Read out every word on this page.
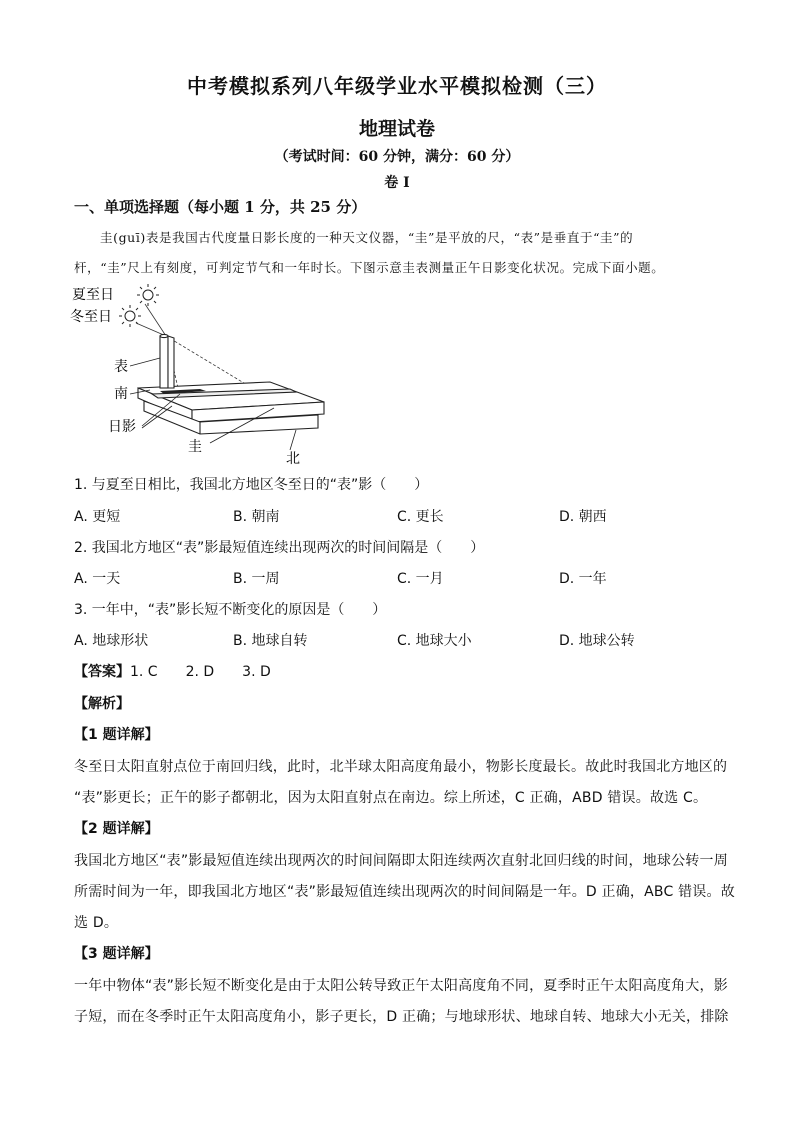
中考模拟系列八年级学业水平模拟检测（三）
地理试卷
（考试时间：60 分钟，满分：60 分）
卷 I
一、单项选择题（每小题 1 分，共 25 分）
圭(guī)表是我国古代度量日影长度的一种天文仪器，“圭”是平放的尺，“表”是垂直于“圭”的
杆，“圭”尺上有刻度，可判定节气和一年时长。下图示意圭表测量正午日影变化状况。完成下面小题。
夏至日
冬至日
表
南
日影
圭
北
1. 与夏至日相比，我国北方地区冬至日的“表”影（　　）
A. 更短	B. 朝南	C. 更长	D. 朝西
2. 我国北方地区“表”影最短值连续出现两次的时间间隔是（　　）
A. 一天	B. 一周	C. 一月	D. 一年
3. 一年中，“表”影长短不断变化的原因是（　　）
A. 地球形状	B. 地球自转	C. 地球大小	D. 地球公转
【答案】1. C　　2. D　　3. D
【解析】
【1 题详解】
冬至日太阳直射点位于南回归线，此时，北半球太阳高度角最小，物影长度最长。故此时我国北方地区的
“表”影更长；正午的影子都朝北，因为太阳直射点在南边。综上所述，C 正确，ABD 错误。故选 C。
【2 题详解】
我国北方地区“表”影最短值连续出现两次的时间间隔即太阳连续两次直射北回归线的时间，地球公转一周
所需时间为一年，即我国北方地区“表”影最短值连续出现两次的时间间隔是一年。D 正确，ABC 错误。故
选 D。
【3 题详解】
一年中物体“表”影长短不断变化是由于太阳公转导致正午太阳高度角不同，夏季时正午太阳高度角大，影
子短，而在冬季时正午太阳高度角小，影子更长，D 正确；与地球形状、地球自转、地球大小无关，排除
